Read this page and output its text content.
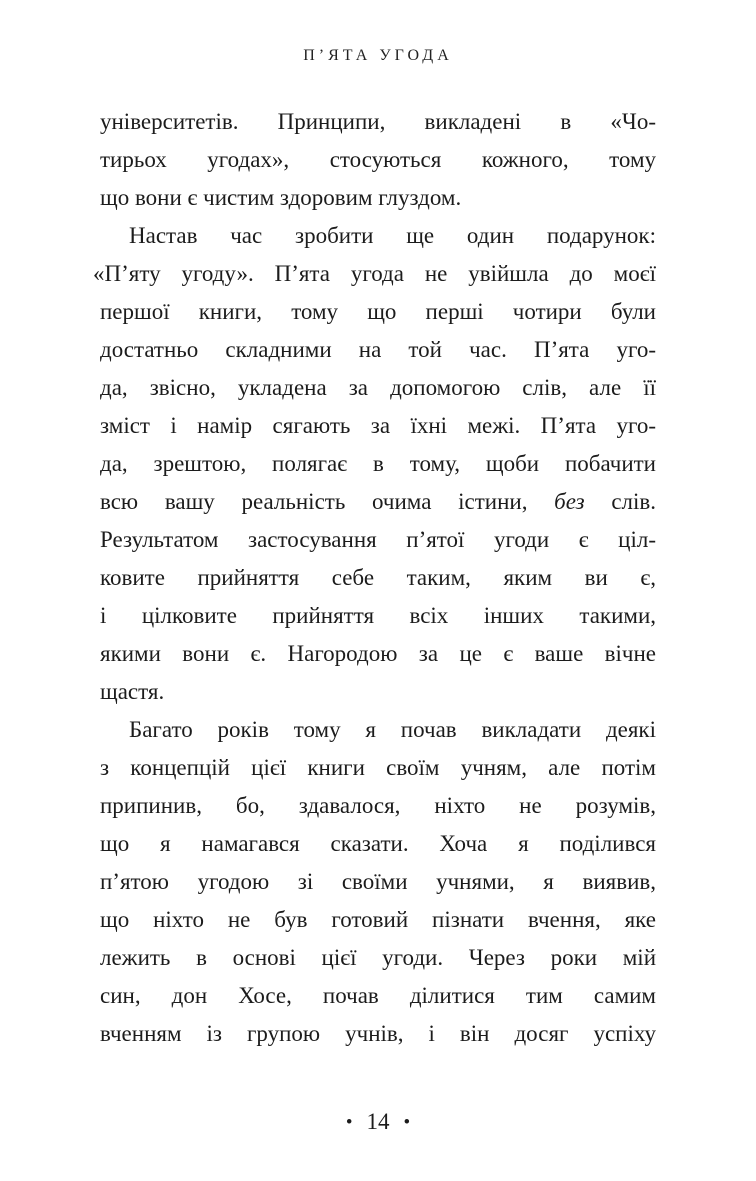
П’ЯТА УГОДА
університетів. Принципи, викладені в «Чо-
тирьох угодах», стосуються кожного, тому
що вони є чистим здоровим глуздом.
Настав час зробити ще один подарунок:
«П’яту угоду». П’ята угода не увійшла до моєї
першої книги, тому що перші чотири були
достатньо складними на той час. П’ята уго-
да, звісно, укладена за допомогою слів, але її
зміст і намір сягають за їхні межі. П’ята уго-
да, зрештою, полягає в тому, щоби побачити
всю вашу реальність очима істини, без слів.
Результатом застосування п’ятої угоди є ціл-
ковите прийняття себе таким, яким ви є,
і цілковите прийняття всіх інших такими,
якими вони є. Нагородою за це є ваше вічне
щастя.
Багато років тому я почав викладати деякі
з концепцій цієї книги своїм учням, але потім
припинив, бо, здавалося, ніхто не розумів,
що я намагався сказати. Хоча я поділився
п’ятою угодою зі своїми учнями, я виявив,
що ніхто не був готовий пізнати вчення, яке
лежить в основі цієї угоди. Через роки мій
син, дон Хосе, почав ділитися тим самим
вченням із групою учнів, і він досяг успіху
• 14 •
